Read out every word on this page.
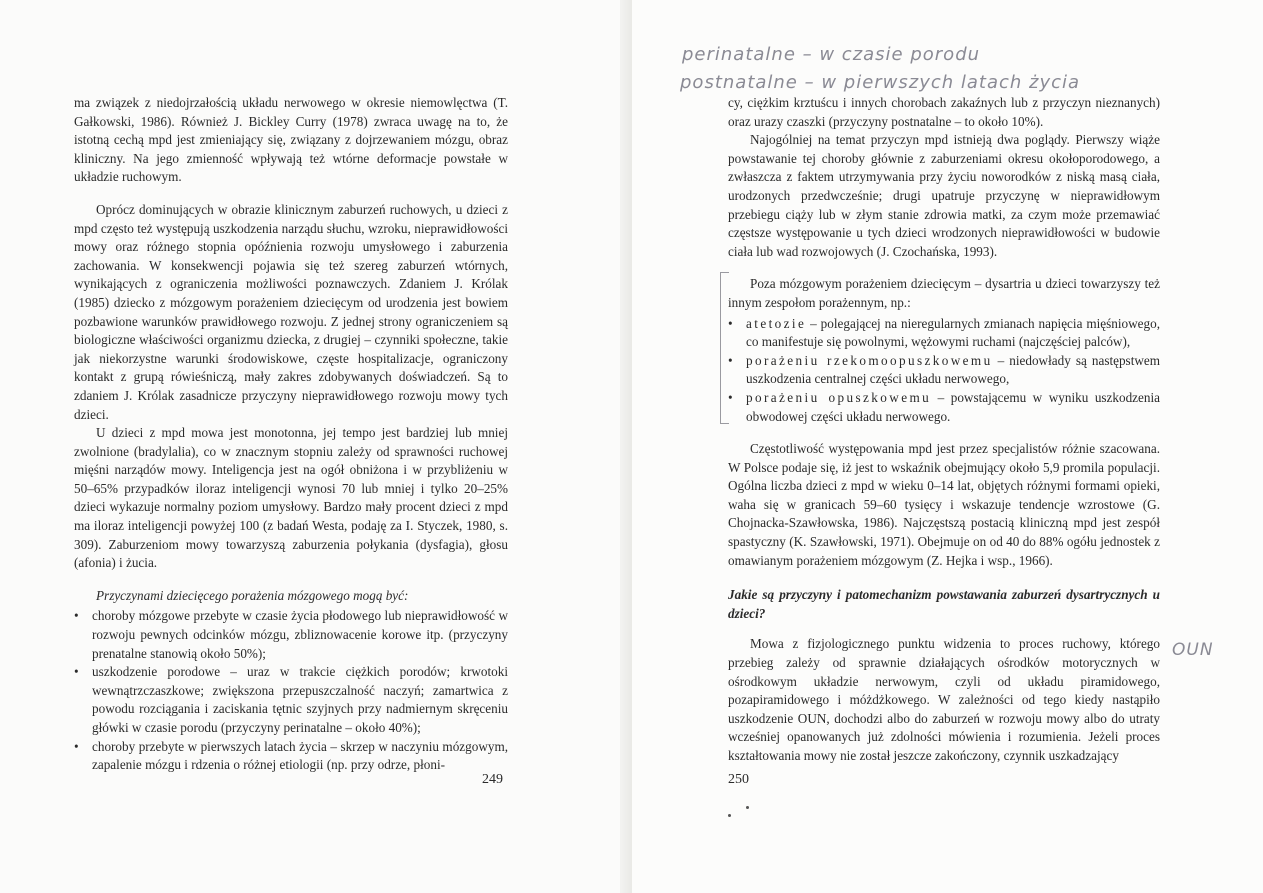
ma związek z niedojrzałością układu nerwowego w okresie niemowlęctwa (T. Gałkowski, 1986). Również J. Bickley Curry (1978) zwraca uwagę na to, że istotną cechą mpd jest zmieniający się, związany z dojrzewaniem mózgu, obraz kliniczny. Na jego zmienność wpływają też wtórne deformacje powstałe w układzie ruchowym.

Oprócz dominujących w obrazie klinicznym zaburzeń ruchowych, u dzieci z mpd często też występują uszkodzenia narządu słuchu, wzroku, nieprawidłowości mowy oraz różnego stopnia opóźnienia rozwoju umysłowego i zaburzenia zachowania. W konsekwencji pojawia się też szereg zaburzeń wtórnych, wynikających z ograniczenia możliwości poznawczych. Zdaniem J. Królak (1985) dziecko z mózgowym porażeniem dziecięcym od urodzenia jest bowiem pozbawione warunków prawidłowego rozwoju. Z jednej strony ograniczeniem są biologiczne właściwości organizmu dziecka, z drugiej – czynniki społeczne, takie jak niekorzystne warunki środowiskowe, częste hospitalizacje, ograniczony kontakt z grupą rówieśniczą, mały zakres zdobywanych doświadczeń. Są to zdaniem J. Królak zasadnicze przyczyny nieprawidłowego rozwoju mowy tych dzieci.

U dzieci z mpd mowa jest monotonna, jej tempo jest bardziej lub mniej zwolnione (bradylalia), co w znacznym stopniu zależy od sprawności ruchowej mięśni narządów mowy. Inteligencja jest na ogół obniżona i w przybliżeniu w 50–65% przypadków iloraz inteligencji wynosi 70 lub mniej i tylko 20–25% dzieci wykazuje normalny poziom umysłowy. Bardzo mały procent dzieci z mpd ma iloraz inteligencji powyżej 100 (z badań Westa, podaję za I. Styczek, 1980, s. 309). Zaburzeniom mowy towarzyszą zaburzenia połykania (dysfagia), głosu (afonia) i żucia.

Przyczynami dziecięcego porażenia mózgowego mogą być:

• choroby mózgowe przebyte w czasie życia płodowego lub nieprawidłowość w rozwoju pewnych odcinków mózgu, zbliznowacenie korowe itp. (przyczyny prenatalne stanowią około 50%);
• uszkodzenie porodowe – uraz w trakcie ciężkich porodów; krwotoki wewnątrzczaszkowe; zwiększona przepuszczalność naczyń; zamartwica z powodu rozciągania i zaciskania tętnic szyjnych przy nadmiernym skręceniu główki w czasie porodu (przyczyny perinatalne – około 40%);
• choroby przebyte w pierwszych latach życia – skrzep w naczyniu mózgowym, zapalenie mózgu i rdzenia o różnej etiologii (np. przy odrze, płoni-
249
perinatalne – w czasie porodu
postnatalne – w pierwszych latach życia
OUN

cy, ciężkim krztuścu i innych chorobach zakaźnych lub z przyczyn nieznanych) oraz urazy czaszki (przyczyny postnatalne – to około 10%).

Najogólniej na temat przyczyn mpd istnieją dwa poglądy. Pierwszy wiąże powstawanie tej choroby głównie z zaburzeniami okresu okołoporodowego, a zwłaszcza z faktem utrzymywania przy życiu noworodków z niską masą ciała, urodzonych przedwcześnie; drugi upatruje przyczynę w nieprawidłowym przebiegu ciąży lub w złym stanie zdrowia matki, za czym może przemawiać częstsze występowanie u tych dzieci wrodzonych nieprawidłowości w budowie ciała lub wad rozwojowych (J. Czochańska, 1993).

Poza mózgowym porażeniem dziecięcym – dysartria u dzieci towarzyszy też innym zespołom porażennym, np.:

• atetozie – polegającej na nieregularnych zmianach napięcia mięśniowego, co manifestuje się powolnymi, wężowymi ruchami (najczęściej palców),
• porażeniu rzekomoopuszkowemu – niedowłady są następstwem uszkodzenia centralnej części układu nerwowego,
• porażeniu opuszkowemu – powstającemu w wyniku uszkodzenia obwodowej części układu nerwowego.

Częstotliwość występowania mpd jest przez specjalistów różnie szacowana. W Polsce podaje się, iż jest to wskaźnik obejmujący około 5,9 promila populacji. Ogólna liczba dzieci z mpd w wieku 0–14 lat, objętych różnymi formami opieki, waha się w granicach 59–60 tysięcy i wskazuje tendencje wzrostowe (G. Chojnacka-Szawłowska, 1986). Najczęstszą postacią kliniczną mpd jest zespół spastyczny (K. Szawłowski, 1971). Obejmuje on od 40 do 88% ogółu jednostek z omawianym porażeniem mózgowym (Z. Hejka i wsp., 1966).

Jakie są przyczyny i patomechanizm powstawania zaburzeń dysartrycznych u dzieci?

Mowa z fizjologicznego punktu widzenia to proces ruchowy, którego przebieg zależy od sprawnie działających ośrodków motorycznych w ośrodkowym układzie nerwowym, czyli od układu piramidowego, pozapiramidowego i móżdżkowego. W zależności od tego kiedy nastąpiło uszkodzenie OUN, dochodzi albo do zaburzeń w rozwoju mowy albo do utraty wcześniej opanowanych już zdolności mówienia i rozumienia. Jeżeli proces kształtowania mowy nie został jeszcze zakończony, czynnik uszkadzający

250
